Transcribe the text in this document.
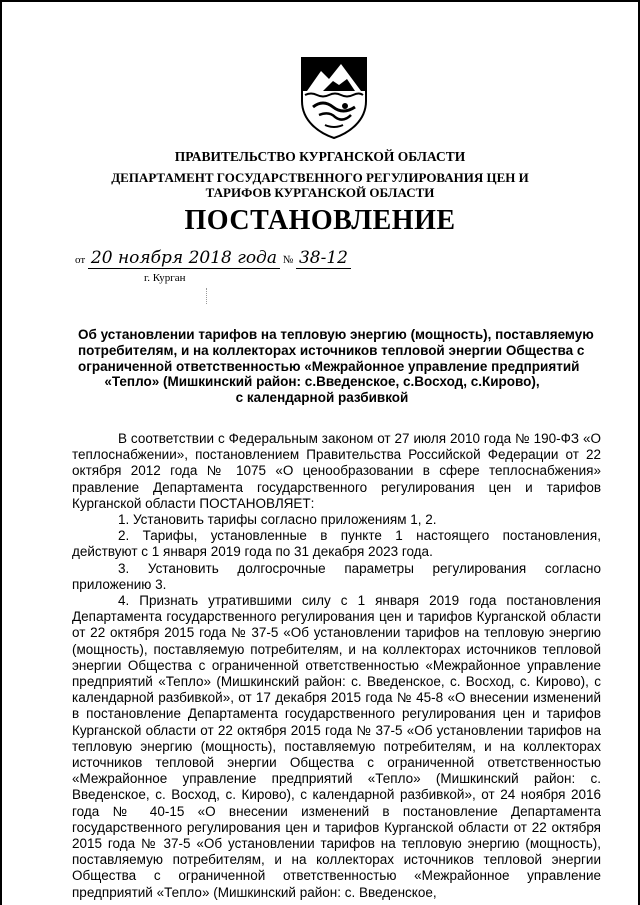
ПРАВИТЕЛЬСТВО КУРГАНСКОЙ ОБЛАСТИ
ДЕПАРТАМЕНТ ГОСУДАРСТВЕННОГО РЕГУЛИРОВАНИЯ ЦЕН И ТАРИФОВ КУРГАНСКОЙ ОБЛАСТИ
ПОСТАНОВЛЕНИЕ
от 20 ноября 2018 года № 38-12
г. Курган
Об установлении тарифов на тепловую энергию (мощность), поставляемую
потребителям, и на коллекторах источников тепловой энергии Общества с
ограниченной ответственностью «Межрайонное управление предприятий
«Тепло» (Мишкинский район: с.Введенское, с.Восход, с.Кирово),
с календарной разбивкой

В соответствии с Федеральным законом от 27 июля 2010 года № 190-ФЗ «О теплоснабжении», постановлением Правительства Российской Федерации от 22 октября 2012 года № 1075 «О ценообразовании в сфере теплоснабжения» правление Департамента государственного регулирования цен и тарифов Курганской области ПОСТАНОВЛЯЕТ:

1. Установить тарифы согласно приложениям 1, 2.

2. Тарифы, установленные в пункте 1 настоящего постановления, действуют с 1 января 2019 года по 31 декабря 2023 года.

3. Установить долгосрочные параметры регулирования согласно приложению 3.

4. Признать утратившими силу с 1 января 2019 года постановления Департамента государственного регулирования цен и тарифов Курганской области от 22 октября 2015 года № 37-5 «Об установлении тарифов на тепловую энергию (мощность), поставляемую потребителям, и на коллекторах источников тепловой энергии Общества с ограниченной ответственностью «Межрайонное управление предприятий «Тепло» (Мишкинский район: с. Введенское, с. Восход, с. Кирово), с календарной разбивкой», от 17 декабря 2015 года № 45-8 «О внесении изменений в постановление Департамента государственного регулирования цен и тарифов Курганской области от 22 октября 2015 года № 37-5 «Об установлении тарифов на тепловую энергию (мощность), поставляемую потребителям, и на коллекторах источников тепловой энергии Общества с ограниченной ответственностью «Межрайонное управление предприятий «Тепло» (Мишкинский район: с. Введенское, с. Восход, с. Кирово), с календарной разбивкой», от 24 ноября 2016 года № 40-15 «О внесении изменений в постановление Департамента государственного регулирования цен и тарифов Курганской области от 22 октября 2015 года № 37-5 «Об установлении тарифов на тепловую энергию (мощность), поставляемую потребителям, и на коллекторах источников тепловой энергии Общества с ограниченной ответственностью «Межрайонное управление предприятий «Тепло» (Мишкинский район: с. Введенское,
